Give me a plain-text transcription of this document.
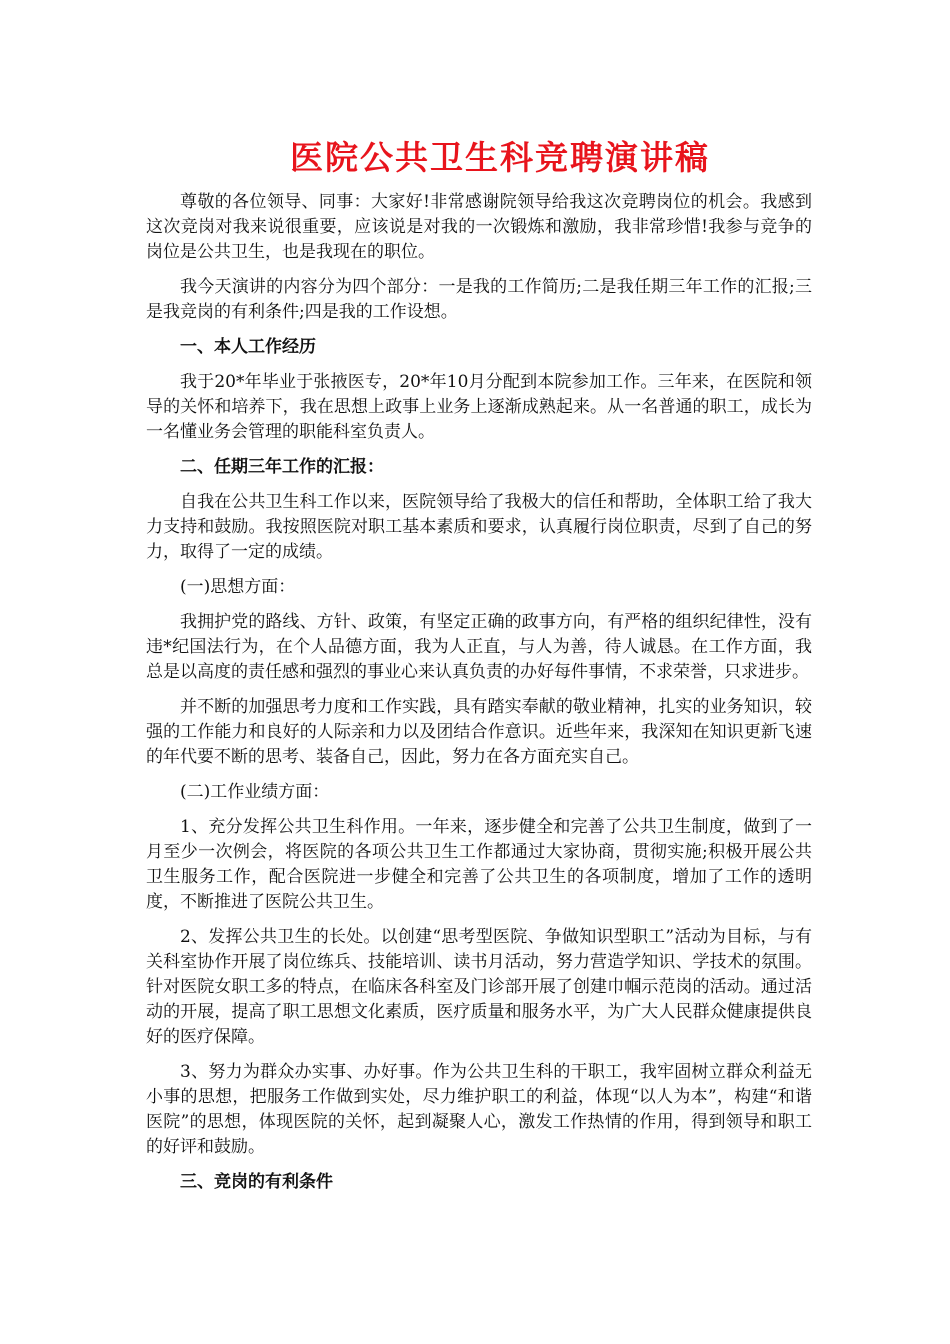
医院公共卫生科竞聘演讲稿

尊敬的各位领导、同事：大家好!非常感谢院领导给我这次竞聘岗位的机会。我感到这次竞岗对我来说很重要，应该说是对我的一次锻炼和激励，我非常珍惜!我参与竞争的岗位是公共卫生，也是我现在的职位。

我今天演讲的内容分为四个部分：一是我的工作简历;二是我任期三年工作的汇报;三是我竞岗的有利条件;四是我的工作设想。

一、本人工作经历

我于20*年毕业于张掖医专，20*年10月分配到本院参加工作。三年来，在医院和领导的关怀和培养下，我在思想上政事上业务上逐渐成熟起来。从一名普通的职工，成长为一名懂业务会管理的职能科室负责人。

二、任期三年工作的汇报：

自我在公共卫生科工作以来，医院领导给了我极大的信任和帮助，全体职工给了我大力支持和鼓励。我按照医院对职工基本素质和要求，认真履行岗位职责，尽到了自己的努力，取得了一定的成绩。

(一)思想方面：

我拥护党的路线、方针、政策，有坚定正确的政事方向，有严格的组织纪律性，没有违*纪国法行为，在个人品德方面，我为人正直，与人为善，待人诚恳。在工作方面，我总是以高度的责任感和强烈的事业心来认真负责的办好每件事情，不求荣誉，只求进步。

并不断的加强思考力度和工作实践，具有踏实奉献的敬业精神，扎实的业务知识，较强的工作能力和良好的人际亲和力以及团结合作意识。近些年来，我深知在知识更新飞速的年代要不断的思考、装备自己，因此，努力在各方面充实自己。

(二)工作业绩方面：

1、充分发挥公共卫生科作用。一年来，逐步健全和完善了公共卫生制度，做到了一月至少一次例会，将医院的各项公共卫生工作都通过大家协商，贯彻实施;积极开展公共卫生服务工作，配合医院进一步健全和完善了公共卫生的各项制度，增加了工作的透明度，不断推进了医院公共卫生。

2、发挥公共卫生的长处。以创建“思考型医院、争做知识型职工”活动为目标，与有关科室协作开展了岗位练兵、技能培训、读书月活动，努力营造学知识、学技术的氛围。针对医院女职工多的特点，在临床各科室及门诊部开展了创建巾帼示范岗的活动。通过活动的开展，提高了职工思想文化素质，医疗质量和服务水平，为广大人民群众健康提供良好的医疗保障。

3、努力为群众办实事、办好事。作为公共卫生科的干职工，我牢固树立群众利益无小事的思想，把服务工作做到实处，尽力维护职工的利益，体现“以人为本”，构建“和谐医院”的思想，体现医院的关怀，起到凝聚人心，激发工作热情的作用，得到领导和职工的好评和鼓励。

三、竞岗的有利条件
